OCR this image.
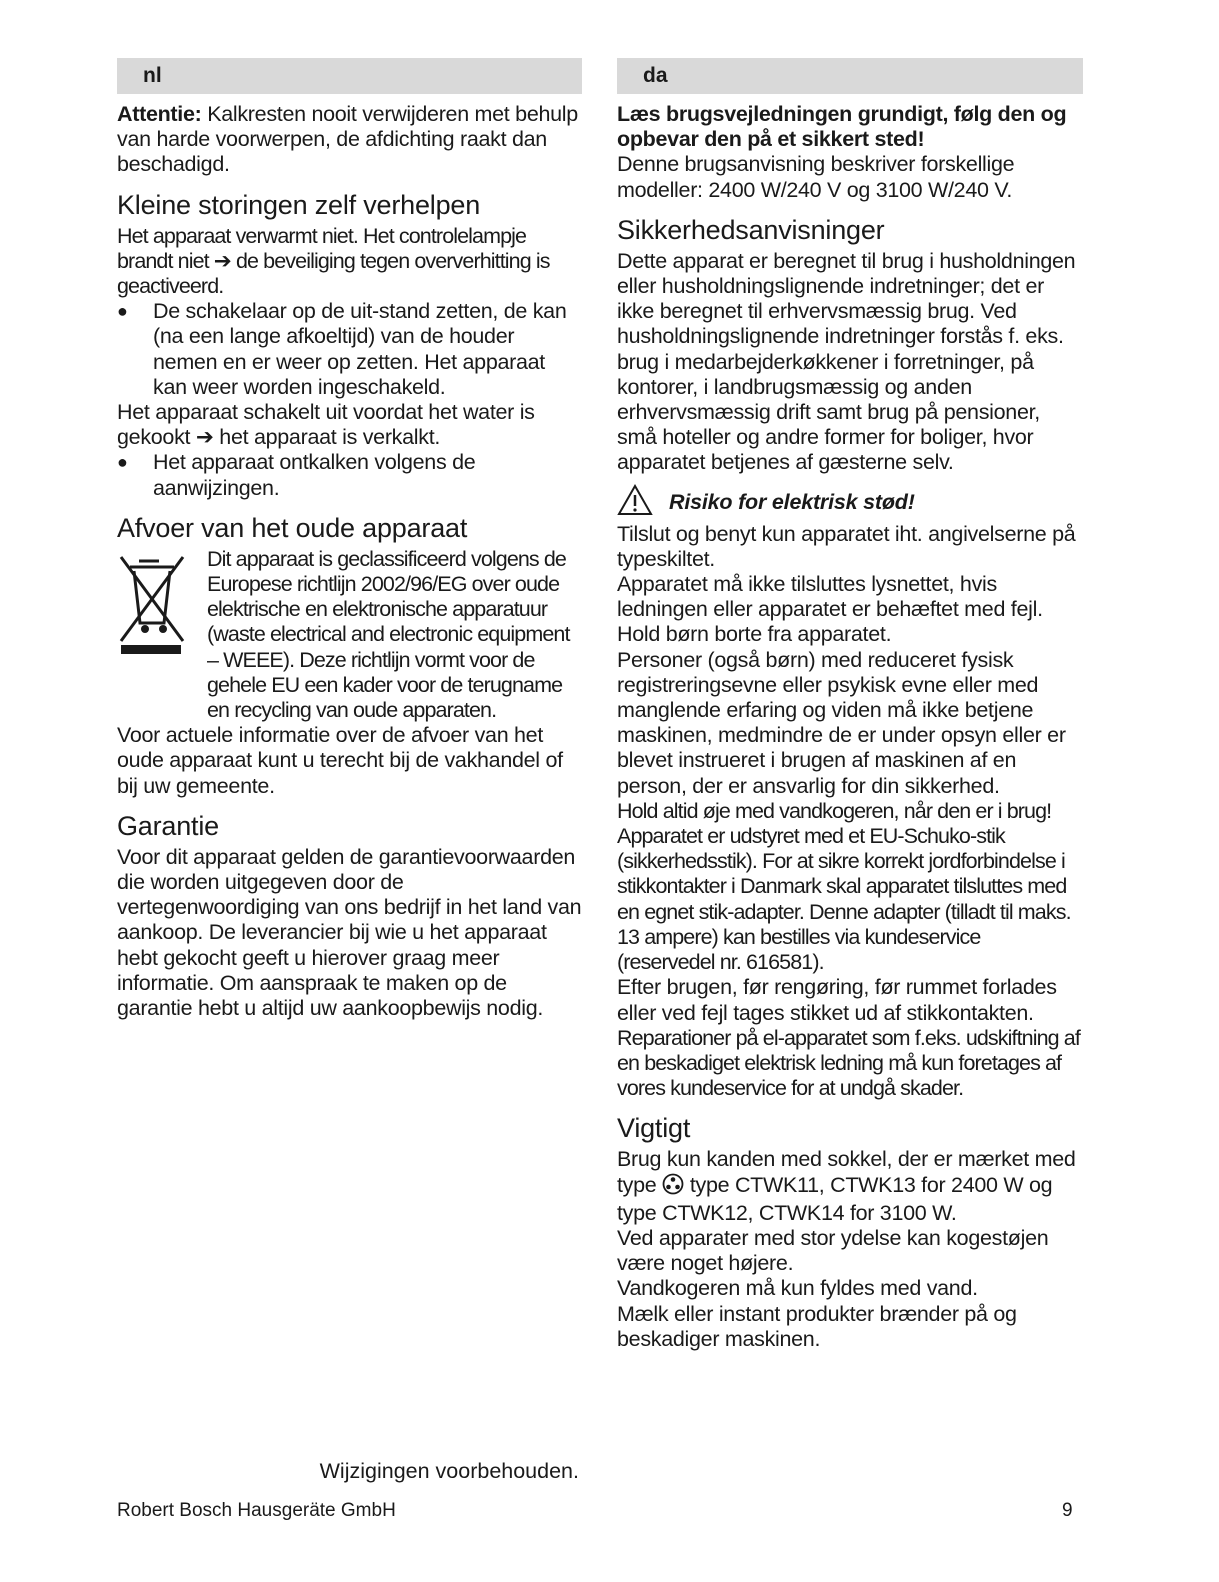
nl

Attentie: Kalkresten nooit verwijderen met behulp van harde voorwerpen, de afdichting raakt dan beschadigd.

Kleine storingen zelf verhelpen

Het apparaat verwarmt niet. Het controlelampje brandt niet ➔ de beveiliging tegen oververhitting is geactiveerd.

●	De schakelaar op de uit-stand zetten, de kan (na een lange afkoeltijd) van de houder nemen en er weer op zetten. Het apparaat kan weer worden ingeschakeld.

Het apparaat schakelt uit voordat het water is gekookt ➔ het apparaat is verkalkt.

●	Het apparaat ontkalken volgens de aanwijzingen.

Afvoer van het oude apparaat

Dit apparaat is geclassificeerd volgens de Europese richtlijn 2002/96/EG over oude elektrische en elektronische apparatuur (waste electrical and electronic equipment – WEEE). Deze richtlijn vormt voor de gehele EU een kader voor de terugname en recycling van oude apparaten.

Voor actuele informatie over de afvoer van het oude apparaat kunt u terecht bij de vakhandel of bij uw gemeente.

Garantie

Voor dit apparaat gelden de garantievoorwaarden die worden uitgegeven door de vertegenwoordiging van ons bedrijf in het land van aankoop. De leverancier bij wie u het apparaat hebt gekocht geeft u hierover graag meer informatie. Om aanspraak te maken op de garantie hebt u altijd uw aankoopbewijs nodig.

da

Læs brugsvejledningen grundigt, følg den og opbevar den på et sikkert sted!

Denne brugsanvisning beskriver forskellige modeller: 2400 W/240 V og 3100 W/240 V.

Sikkerhedsanvisninger

Dette apparat er beregnet til brug i husholdningen eller husholdningslignende indretninger; det er ikke beregnet til erhvervsmæssig brug. Ved husholdningslignende indretninger forstås f. eks. brug i medarbejderkøkkener i forretninger, på kontorer, i landbrugsmæssig og anden erhvervsmæssig drift samt brug på pensioner, små hoteller og andre former for boliger, hvor apparatet betjenes af gæsterne selv.

Risiko for elektrisk stød!

Tilslut og benyt kun apparatet iht. angivelserne på typeskiltet.

Apparatet må ikke tilsluttes lysnettet, hvis ledningen eller apparatet er behæftet med fejl.

Hold børn borte fra apparatet.

Personer (også børn) med reduceret fysisk registreringsevne eller psykisk evne eller med manglende erfaring og viden må ikke betjene maskinen, medmindre de er under opsyn eller er blevet instrueret i brugen af maskinen af en person, der er ansvarlig for din sikkerhed.

Hold altid øje med vandkogeren, når den er i brug!

Apparatet er udstyret med et EU-Schuko-stik (sikkerhedsstik). For at sikre korrekt jordforbindelse i stikkontakter i Danmark skal apparatet tilsluttes med en egnet stik-adapter. Denne adapter (tilladt til maks. 13 ampere) kan bestilles via kundeservice (reservedel nr. 616581).

Efter brugen, før rengøring, før rummet forlades eller ved fejl tages stikket ud af stikkontakten.

Reparationer på el-apparatet som f.eks. udskiftning af en beskadiget elektrisk ledning må kun foretages af vores kundeservice for at undgå skader.

Vigtigt

Brug kun kanden med sokkel, der er mærket med type type CTWK11, CTWK13 for 2400 W og type CTWK12, CTWK14 for 3100 W.

Ved apparater med stor ydelse kan kogestøjen være noget højere.

Vandkogeren må kun fyldes med vand.

Mælk eller instant produkter brænder på og beskadiger maskinen.

Wijzigingen voorbehouden.
Robert Bosch Hausgeräte GmbH	9
